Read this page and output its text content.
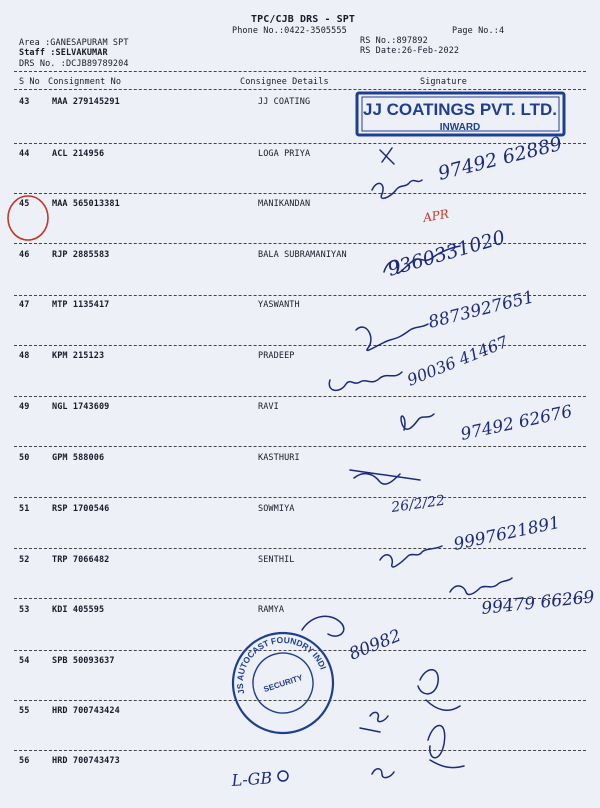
TPC/CJB DRS - SPT
Phone No.:0422-3505555	Page No.:4
Area :GANESAPURAM SPT
Staff :SELVAKUMAR
DRS No. :DCJB89789204
RS No.:897892
RS Date:26-Feb-2022
S No Consignment No	Consignee Details	Signature
43	MAA 279145291	JJ COATING
44	ACL 214956	LOGA PRIYA
45	MAA 565013381	MANIKANDAN
46	RJP 2885583	BALA SUBRAMANIYAN
47	MTP 1135417	YASWANTH
48	KPM 215123	PRADEEP
49	NGL 1743609	RAVI
50	GPM 588006	KASTHURI
51	RSP 1700546	SOWMIYA
52	TRP 7066482	SENTHIL
53	KDI 405595	RAMYA
54	SPB 50093637
55	HRD 700743424
56	HRD 700743473
JJ COATINGS PVT. LTD.
INWARD
JS AUTOCAST FOUNDRY INDIA
SECURITY
97492 62889
9360331020
8873927651
90036 41467
97492 62676
26/2/22
9997621891
80982
99479 66269
L-GB
APR
